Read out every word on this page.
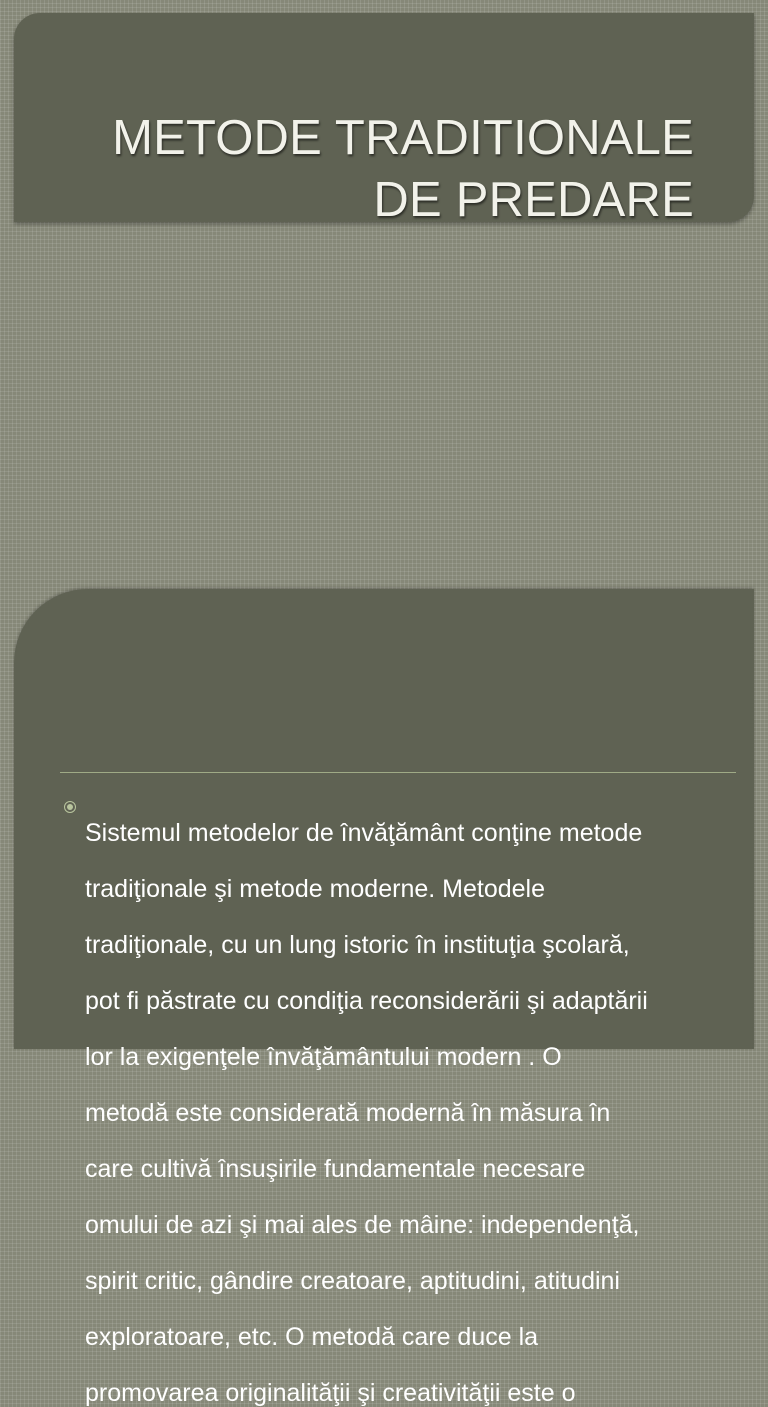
METODE TRADITIONALE
DE PREDARE

Sistemul metodelor de învăţământ conţine metode

tradiţionale şi metode moderne. Metodele

tradiţionale, cu un lung istoric în instituţia şcolară,

pot fi păstrate cu condiţia reconsiderării şi adaptării

lor la exigenţele învăţământului modern . O

metodă este considerată modernă în măsura în

care cultivă însuşirile fundamentale necesare

omului de azi şi mai ales de mâine: independenţă,

spirit critic, gândire creatoare, aptitudini, atitudini

exploratoare, etc. O metodă care duce la

promovarea originalităţii şi creativităţii este o
